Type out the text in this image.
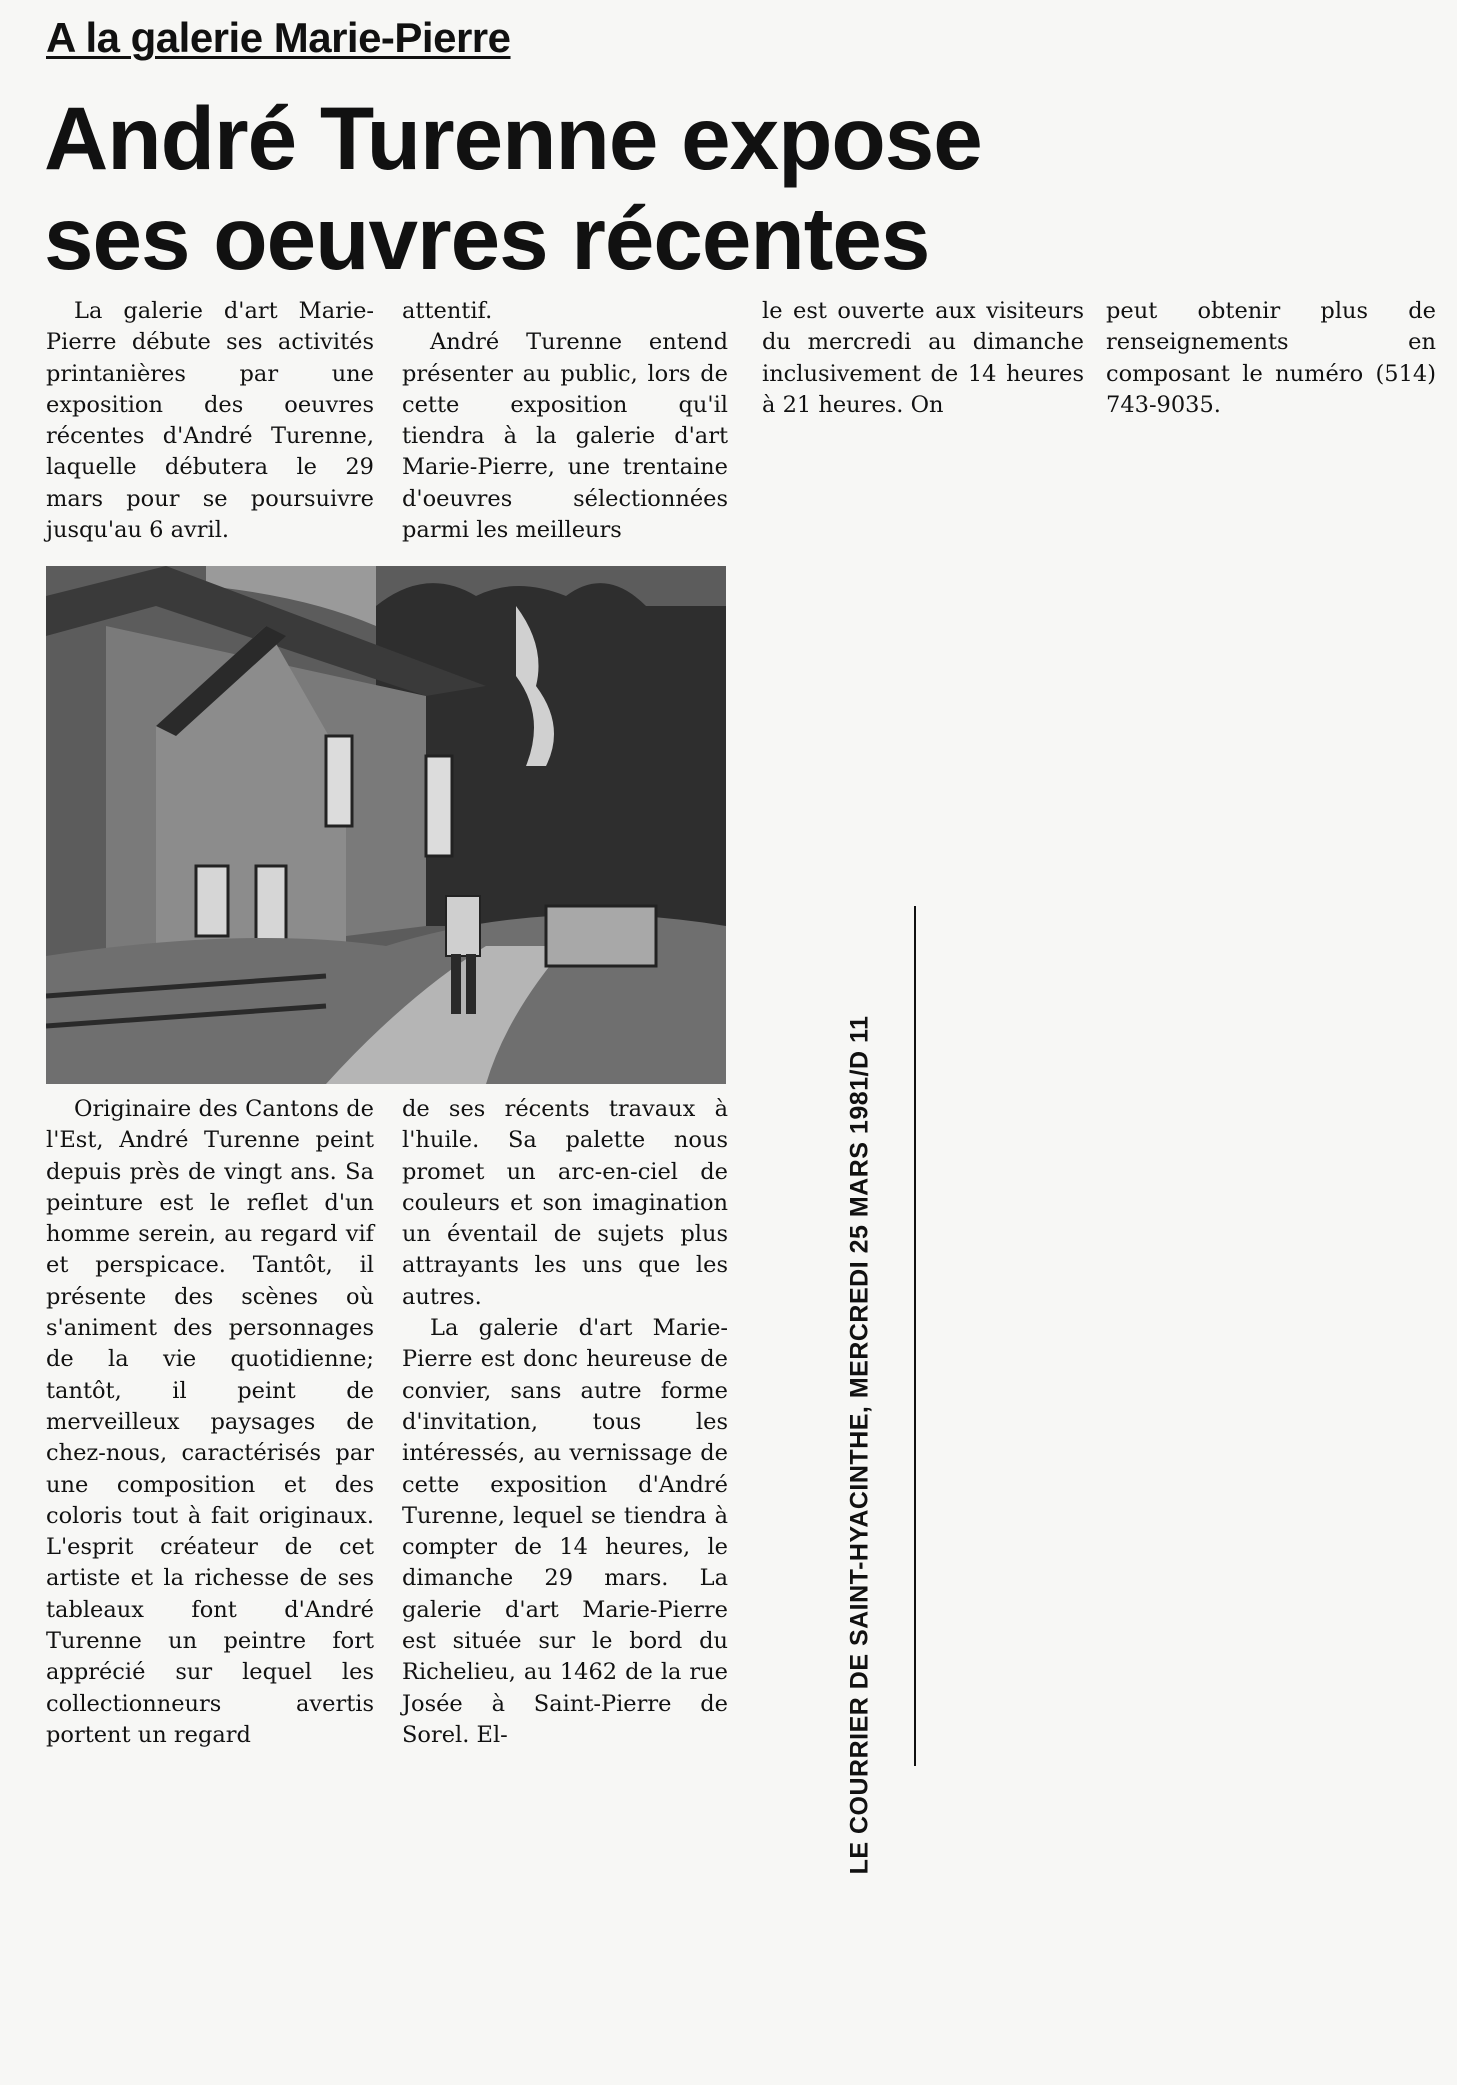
A la galerie Marie-Pierre
André Turenne expose ses oeuvres récentes

La galerie d'art Marie-Pierre débute ses activités printanières par une exposition des oeuvres récentes d'André Turenne, laquelle débutera le 29 mars pour se poursuivre jusqu'au 6 avril.

attentif.

André Turenne entend présenter au public, lors de cette exposition qu'il tiendra à la galerie d'art Marie-Pierre, une trentaine d'oeuvres sélectionnées parmi les meilleurs

le est ouverte aux visiteurs du mercredi au dimanche inclusivement de 14 heures à 21 heures. On

peut obtenir plus de renseignements en composant le numéro (514) 743-9035.

Originaire des Cantons de l'Est, André Turenne peint depuis près de vingt ans. Sa peinture est le reflet d'un homme serein, au regard vif et perspicace. Tantôt, il présente des scènes où s'animent des personnages de la vie quotidienne; tantôt, il peint de merveilleux paysages de chez-nous, caractérisés par une composition et des coloris tout à fait originaux. L'esprit créateur de cet artiste et la richesse de ses tableaux font d'André Turenne un peintre fort apprécié sur lequel les collectionneurs avertis portent un regard

de ses récents travaux à l'huile. Sa palette nous promet un arc-en-ciel de couleurs et son imagination un éventail de sujets plus attrayants les uns que les autres.

La galerie d'art Marie-Pierre est donc heureuse de convier, sans autre forme d'invitation, tous les intéressés, au vernissage de cette exposition d'André Turenne, lequel se tiendra à compter de 14 heures, le dimanche 29 mars. La galerie d'art Marie-Pierre est située sur le bord du Richelieu, au 1462 de la rue Josée à Saint-Pierre de Sorel. El-	LE COURRIER DE SAINT-HYACINTHE, MERCREDI 25 MARS 1981/D 11
